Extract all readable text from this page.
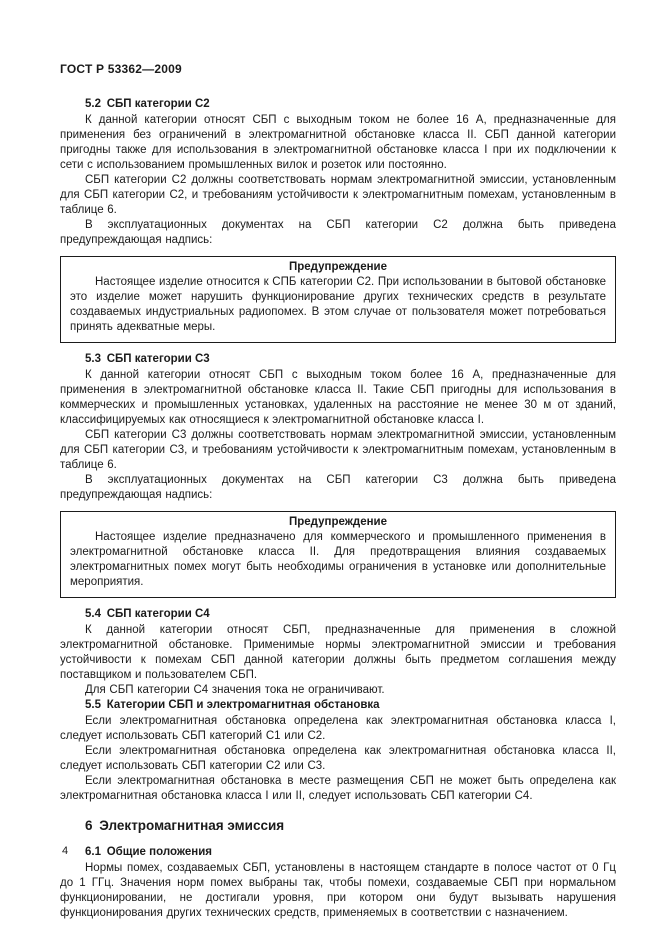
ГОСТ Р 53362—2009
5.2 СБП категории С2

К данной категории относят СБП с выходным током не более 16 А, предназначенные для применения без ограничений в электромагнитной обстановке класса II. СБП данной категории пригодны также для использования в электромагнитной обстановке класса I при их подключении к сети с использованием промышленных вилок и розеток или постоянно.

СБП категории С2 должны соответствовать нормам электромагнитной эмиссии, установленным для СБП категории С2, и требованиям устойчивости к электромагнитным помехам, установленным в таблице 6.

В эксплуатационных документах на СБП категории С2 должна быть приведена предупреждающая надпись:

Предупреждение

Настоящее изделие относится к СПБ категории С2. При использовании в бытовой обстановке это изделие может нарушить функционирование других технических средств в результате создаваемых индустриальных радиопомех. В этом случае от пользователя может потребоваться принять адекватные меры.

5.3 СБП категории С3

К данной категории относят СБП с выходным током более 16 А, предназначенные для применения в электромагнитной обстановке класса II. Такие СБП пригодны для использования в коммерческих и промышленных установках, удаленных на расстояние не менее 30 м от зданий, классифицируемых как относящиеся к электромагнитной обстановке класса I.

СБП категории С3 должны соответствовать нормам электромагнитной эмиссии, установленным для СБП категории С3, и требованиям устойчивости к электромагнитным помехам, установленным в таблице 6.

В эксплуатационных документах на СБП категории С3 должна быть приведена предупреждающая надпись:

Предупреждение

Настоящее изделие предназначено для коммерческого и промышленного применения в электромагнитной обстановке класса II. Для предотвращения влияния создаваемых электромагнитных помех могут быть необходимы ограничения в установке или дополнительные мероприятия.

5.4 СБП категории С4

К данной категории относят СБП, предназначенные для применения в сложной электромагнитной обстановке. Применимые нормы электромагнитной эмиссии и требования устойчивости к помехам СБП данной категории должны быть предметом соглашения между поставщиком и пользователем СБП.

Для СБП категории С4 значения тока не ограничивают.

5.5 Категории СБП и электромагнитная обстановка

Если электромагнитная обстановка определена как электромагнитная обстановка класса I, следует использовать СБП категорий С1 или С2.

Если электромагнитная обстановка определена как электромагнитная обстановка класса II, следует использовать СБП категории С2 или С3.

Если электромагнитная обстановка в месте размещения СБП не может быть определена как электромагнитная обстановка класса I или II, следует использовать СБП категории С4.

6 Электромагнитная эмиссия
6.1 Общие положения

Нормы помех, создаваемых СБП, установлены в настоящем стандарте в полосе частот от 0 Гц до 1 ГГц. Значения норм помех выбраны так, чтобы помехи, создаваемые СБП при нормальном функционировании, не достигали уровня, при котором они будут вызывать нарушения функционирования других технических средств, применяемых в соответствии с назначением.

4
